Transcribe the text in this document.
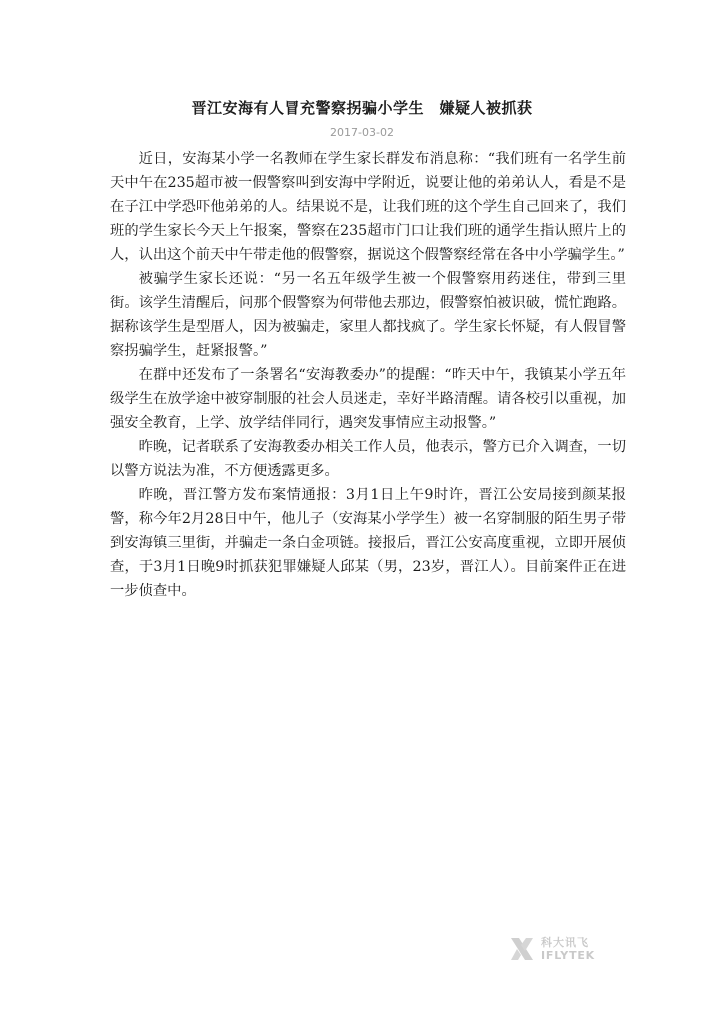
晋江安海有人冒充警察拐骗小学生　嫌疑人被抓获
2017-03-02

近日，安海某小学一名教师在学生家长群发布消息称：“我们班有一名学生前天中午在235超市被一假警察叫到安海中学附近，说要让他的弟弟认人，看是不是在子江中学恐吓他弟弟的人。结果说不是，让我们班的这个学生自己回来了，我们班的学生家长今天上午报案，警察在235超市门口让我们班的通学生指认照片上的人，认出这个前天中午带走他的假警察，据说这个假警察经常在各中小学骗学生。”

被骗学生家长还说：“另一名五年级学生被一个假警察用药迷住，带到三里街。该学生清醒后，问那个假警察为何带他去那边，假警察怕被识破，慌忙跑路。据称该学生是型厝人，因为被骗走，家里人都找疯了。学生家长怀疑，有人假冒警察拐骗学生，赶紧报警。”

在群中还发布了一条署名“安海教委办”的提醒：“昨天中午，我镇某小学五年级学生在放学途中被穿制服的社会人员迷走，幸好半路清醒。请各校引以重视，加强安全教育，上学、放学结伴同行，遇突发事情应主动报警。”

昨晚，记者联系了安海教委办相关工作人员，他表示，警方已介入调查，一切以警方说法为准，不方便透露更多。

昨晚，晋江警方发布案情通报：3月1日上午9时许，晋江公安局接到颜某报警，称今年2月28日中午，他儿子（安海某小学学生）被一名穿制服的陌生男子带到安海镇三里街，并骗走一条白金项链。接报后，晋江公安高度重视，立即开展侦查，于3月1日晚9时抓获犯罪嫌疑人邱某（男，23岁，晋江人）。目前案件正在进一步侦查中。

科大讯飞
IFLYTEK
